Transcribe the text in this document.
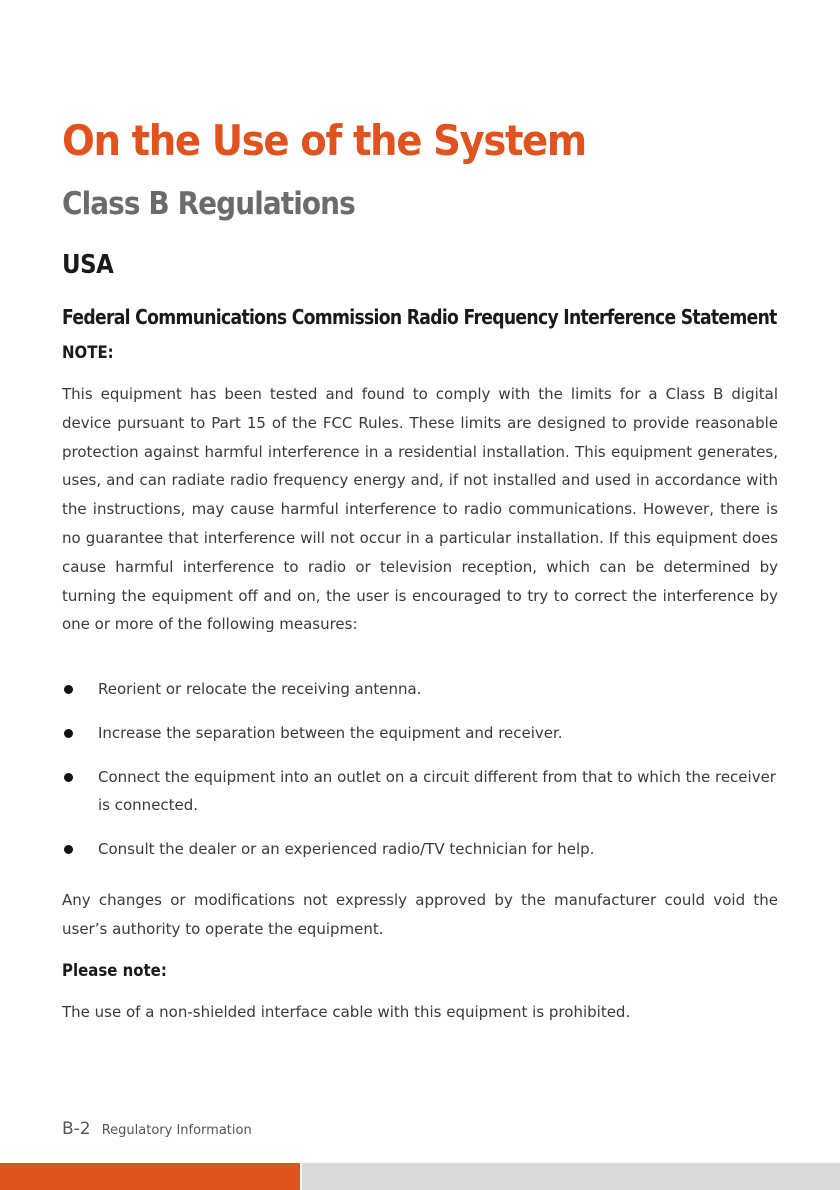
On the Use of the System
Class B Regulations
USA
Federal Communications Commission Radio Frequency Interference Statement
NOTE:

This equipment has been tested and found to comply with the limits for a Class B digital device pursuant to Part 15 of the FCC Rules. These limits are designed to provide reasonable protection against harmful interference in a residential installation. This equipment generates, uses, and can radiate radio frequency energy and, if not installed and used in accordance with the instructions, may cause harmful interference to radio communications. However, there is no guarantee that interference will not occur in a particular installation. If this equipment does cause harmful interference to radio or television reception, which can be determined by turning the equipment off and on, the user is encouraged to try to correct the interference by one or more of the following measures:

Reorient or relocate the receiving antenna.
Increase the separation between the equipment and receiver.
Connect the equipment into an outlet on a circuit different from that to which the receiver is connected.
Consult the dealer or an experienced radio/TV technician for help.

Any changes or modifications not expressly approved by the manufacturer could void the user’s authority to operate the equipment.

Please note:

The use of a non-shielded interface cable with this equipment is prohibited.

B-2 Regulatory Information
